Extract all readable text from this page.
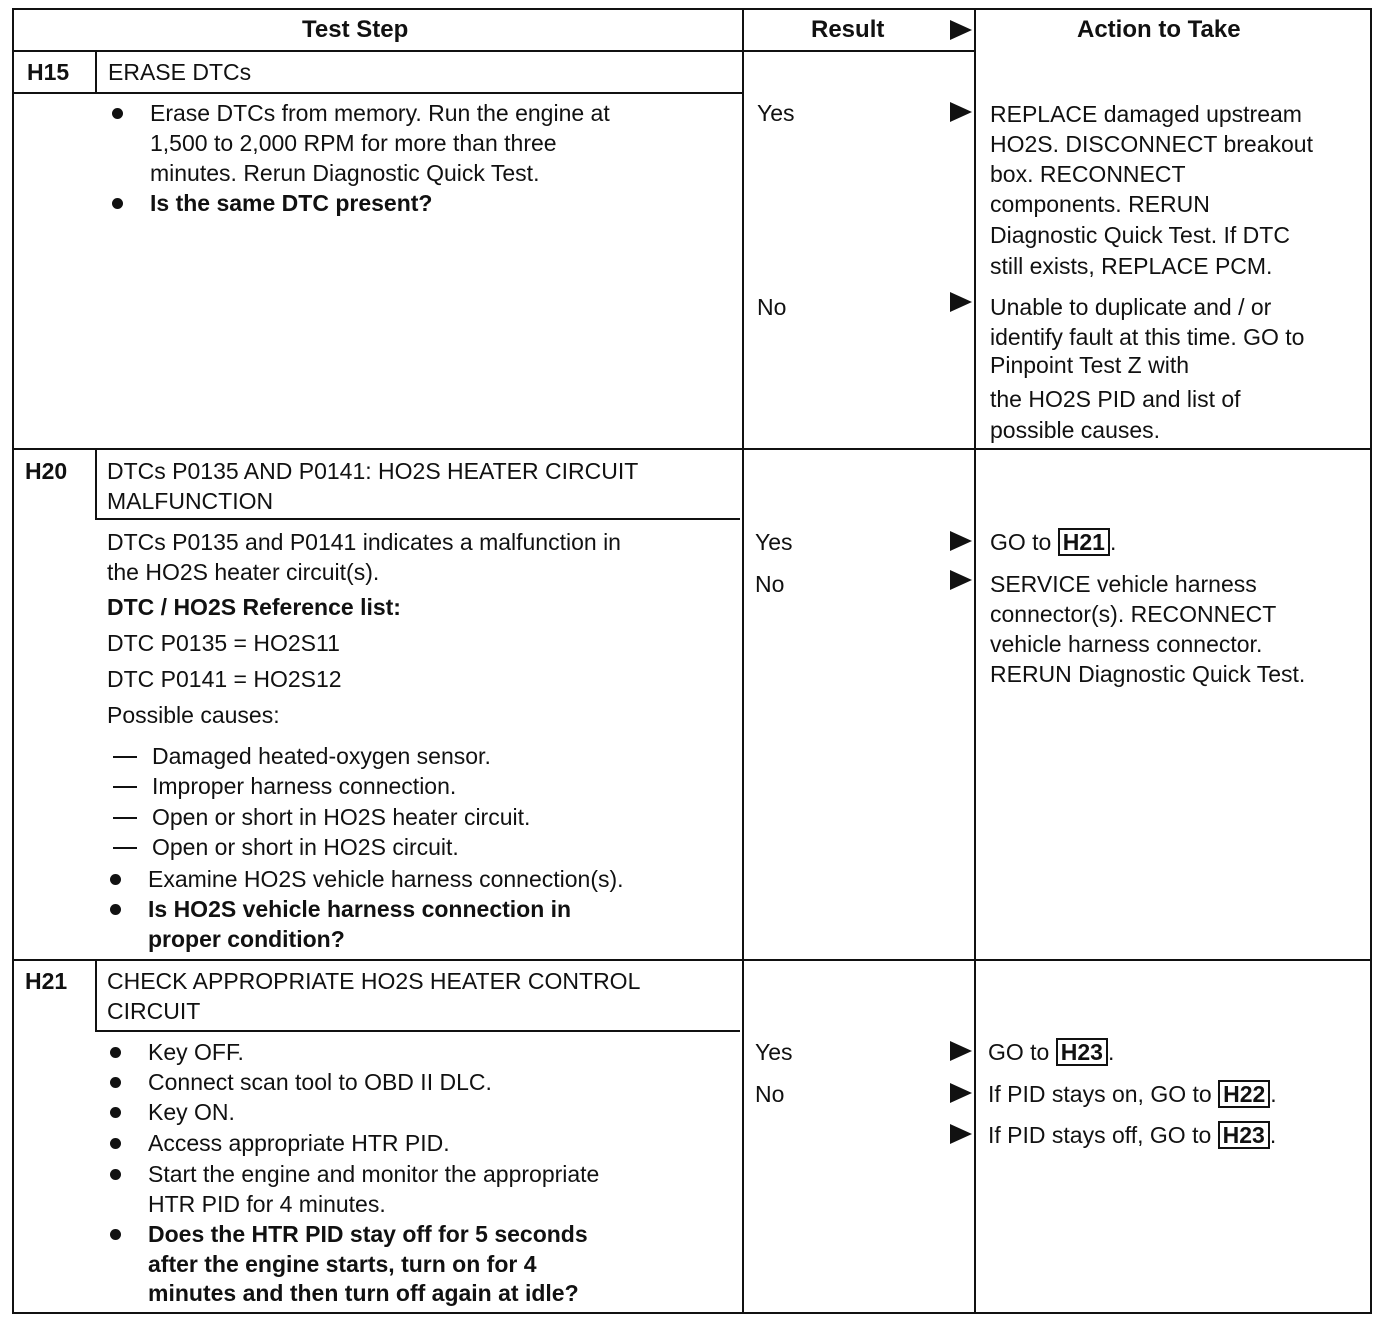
Test Step	Result	Action to Take
H15 ERASE DTCs
Erase DTCs from memory. Run the engine at
1,500 to 2,000 RPM for more than three
minutes. Rerun Diagnostic Quick Test.
Is the same DTC present?
Yes	REPLACE damaged upstream
HO2S. DISCONNECT breakout
box. RECONNECT
components. RERUN
Diagnostic Quick Test. If DTC
still exists, REPLACE PCM.
No	Unable to duplicate and / or
identify fault at this time. GO to
Pinpoint Test Z with
the HO2S PID and list of
possible causes.
H20 DTCs P0135 AND P0141: HO2S HEATER CIRCUIT
MALFUNCTION
DTCs P0135 and P0141 indicates a malfunction in
the HO2S heater circuit(s).
DTC / HO2S Reference list:
DTC P0135 = HO2S11
DTC P0141 = HO2S12
Possible causes:
Damaged heated-oxygen sensor.
Improper harness connection.
Open or short in HO2S heater circuit.
Open or short in HO2S circuit.
Examine HO2S vehicle harness connection(s).
Is HO2S vehicle harness connection in
proper condition?
Yes	GO to H21 .
No	SERVICE vehicle harness
connector(s). RECONNECT
vehicle harness connector.
RERUN Diagnostic Quick Test.
H21 CHECK APPROPRIATE HO2S HEATER CONTROL
CIRCUIT
Key OFF.
Connect scan tool to OBD II DLC.
Key ON.
Access appropriate HTR PID.
Start the engine and monitor the appropriate
HTR PID for 4 minutes.
Does the HTR PID stay off for 5 seconds
after the engine starts, turn on for 4
minutes and then turn off again at idle?
Yes	GO to H23 .
No	If PID stays on, GO to H22 .
If PID stays off, GO to H23 .
